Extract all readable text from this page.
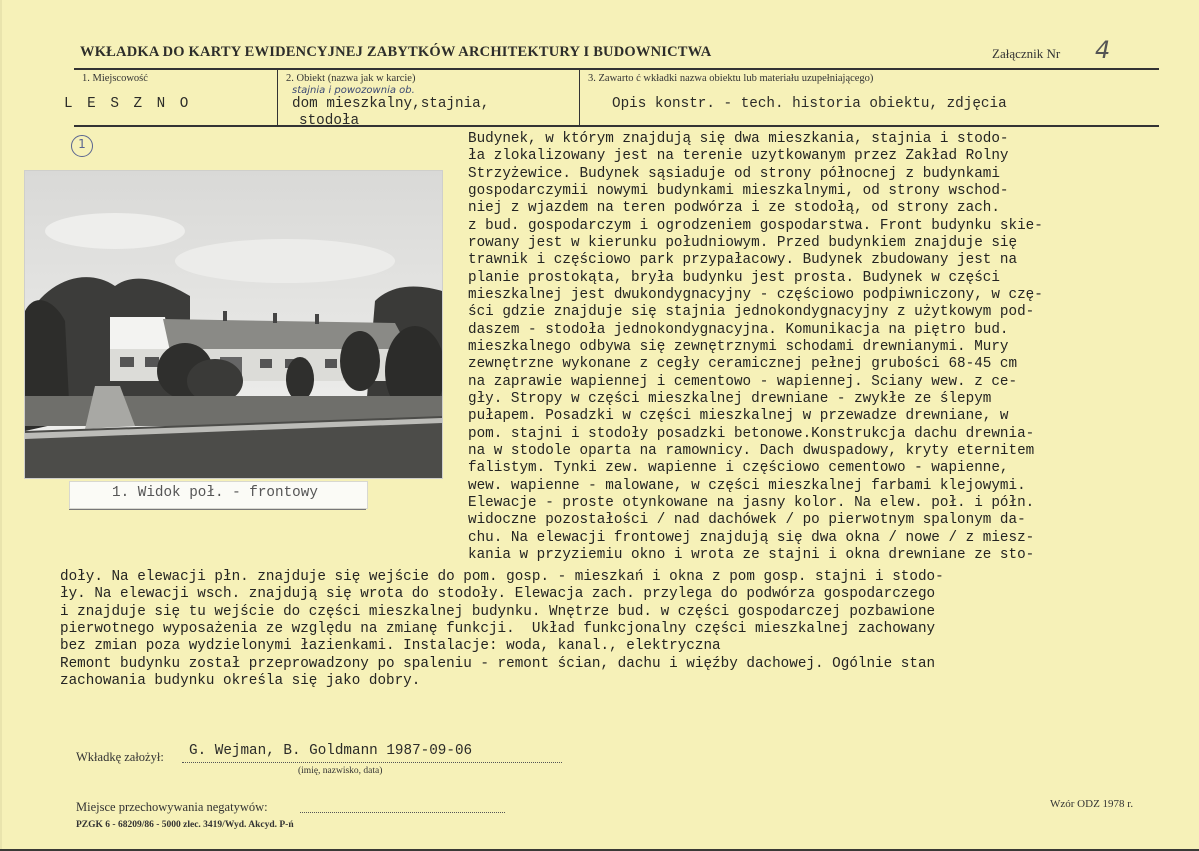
WKŁADKA DO KARTY EWIDENCYJNEJ ZABYTKÓW ARCHITEKTURY I BUDOWNICTWA	Załącznik Nr 4
1. Miejscowość
L E S Z N O
2. Obiekt (nazwa jak w karcie)
stajnia i powozownia ob.
dom mieszkalny,stajnia,
stodoła
3. Zawarto ć wkładki nazwa obiektu lub materiału uzupełniającego)
Opis konstr. - tech. historia obiektu, zdjęcia
1
1. Widok poł. - frontowy
Budynek, w którym znajdują się dwa mieszkania, stajnia i stodo-
ła zlokalizowany jest na terenie uzytkowanym przez Zakład Rolny
Strzyżewice. Budynek sąsiaduje od strony północnej z budynkami
gospodarczymii nowymi budynkami mieszkalnymi, od strony wschod-
niej z wjazdem na teren podwórza i ze stodołą, od strony zach.
z bud. gospodarczym i ogrodzeniem gospodarstwa. Front budynku skie-
rowany jest w kierunku południowym. Przed budynkiem znajduje się
trawnik i częściowo park przypałacowy. Budynek zbudowany jest na
planie prostokąta, bryła budynku jest prosta. Budynek w części
mieszkalnej jest dwukondygnacyjny - częściowo podpiwniczony, w czę-
ści gdzie znajduje się stajnia jednokondygnacyjny z użytkowym pod-
daszem - stodoła jednokondygnacyjna. Komunikacja na piętro bud.
mieszkalnego odbywa się zewnętrznymi schodami drewnianymi. Mury
zewnętrzne wykonane z cegły ceramicznej pełnej grubości 68-45 cm
na zaprawie wapiennej i cementowo - wapiennej. Sciany wew. z ce-
gły. Stropy w części mieszkalnej drewniane - zwykłe ze ślepym
pułapem. Posadzki w części mieszkalnej w przewadze drewniane, w
pom. stajni i stodoły posadzki betonowe.Konstrukcja dachu drewnia-
na w stodole oparta na ramownicy. Dach dwuspadowy, kryty eternitem
falistym. Tynki zew. wapienne i częściowo cementowo - wapienne,
wew. wapienne - malowane, w części mieszkalnej farbami klejowymi.
Elewacje - proste otynkowane na jasny kolor. Na elew. poł. i półn.
widoczne pozostałości / nad dachówek / po pierwotnym spalonym da-
chu. Na elewacji frontowej znajdują się dwa okna / nowe / z miesz-
kania w przyziemiu okno i wrota ze stajni i okna drewniane ze sto-
doły. Na elewacji płn. znajduje się wejście do pom. gosp. - mieszkań i okna z pom gosp. stajni i stodo-
ły. Na elewacji wsch. znajdują się wrota do stodoły. Elewacja zach. przylega do podwórza gospodarczego
i znajduje się tu wejście do części mieszkalnej budynku. Wnętrze bud. w części gospodarczej pozbawione
pierwotnego wyposażenia ze względu na zmianę funkcji.  Układ funkcjonalny części mieszkalnej zachowany
bez zmian poza wydzielonymi łazienkami. Instalacje: woda, kanal., elektryczna
Remont budynku został przeprowadzony po spaleniu - remont ścian, dachu i więźby dachowej. Ogólnie stan
zachowania budynku określa się jako dobry.
Wkładkę założył: G. Wejman, B. Goldmann 1987-09-06
(imię, nazwisko, data)
Miejsce przechowywania negatywów:
PZGK 6 - 68209/86 - 5000 zlec. 3419/Wyd. Akcyd. P-ń
Wzór ODZ 1978 r.
